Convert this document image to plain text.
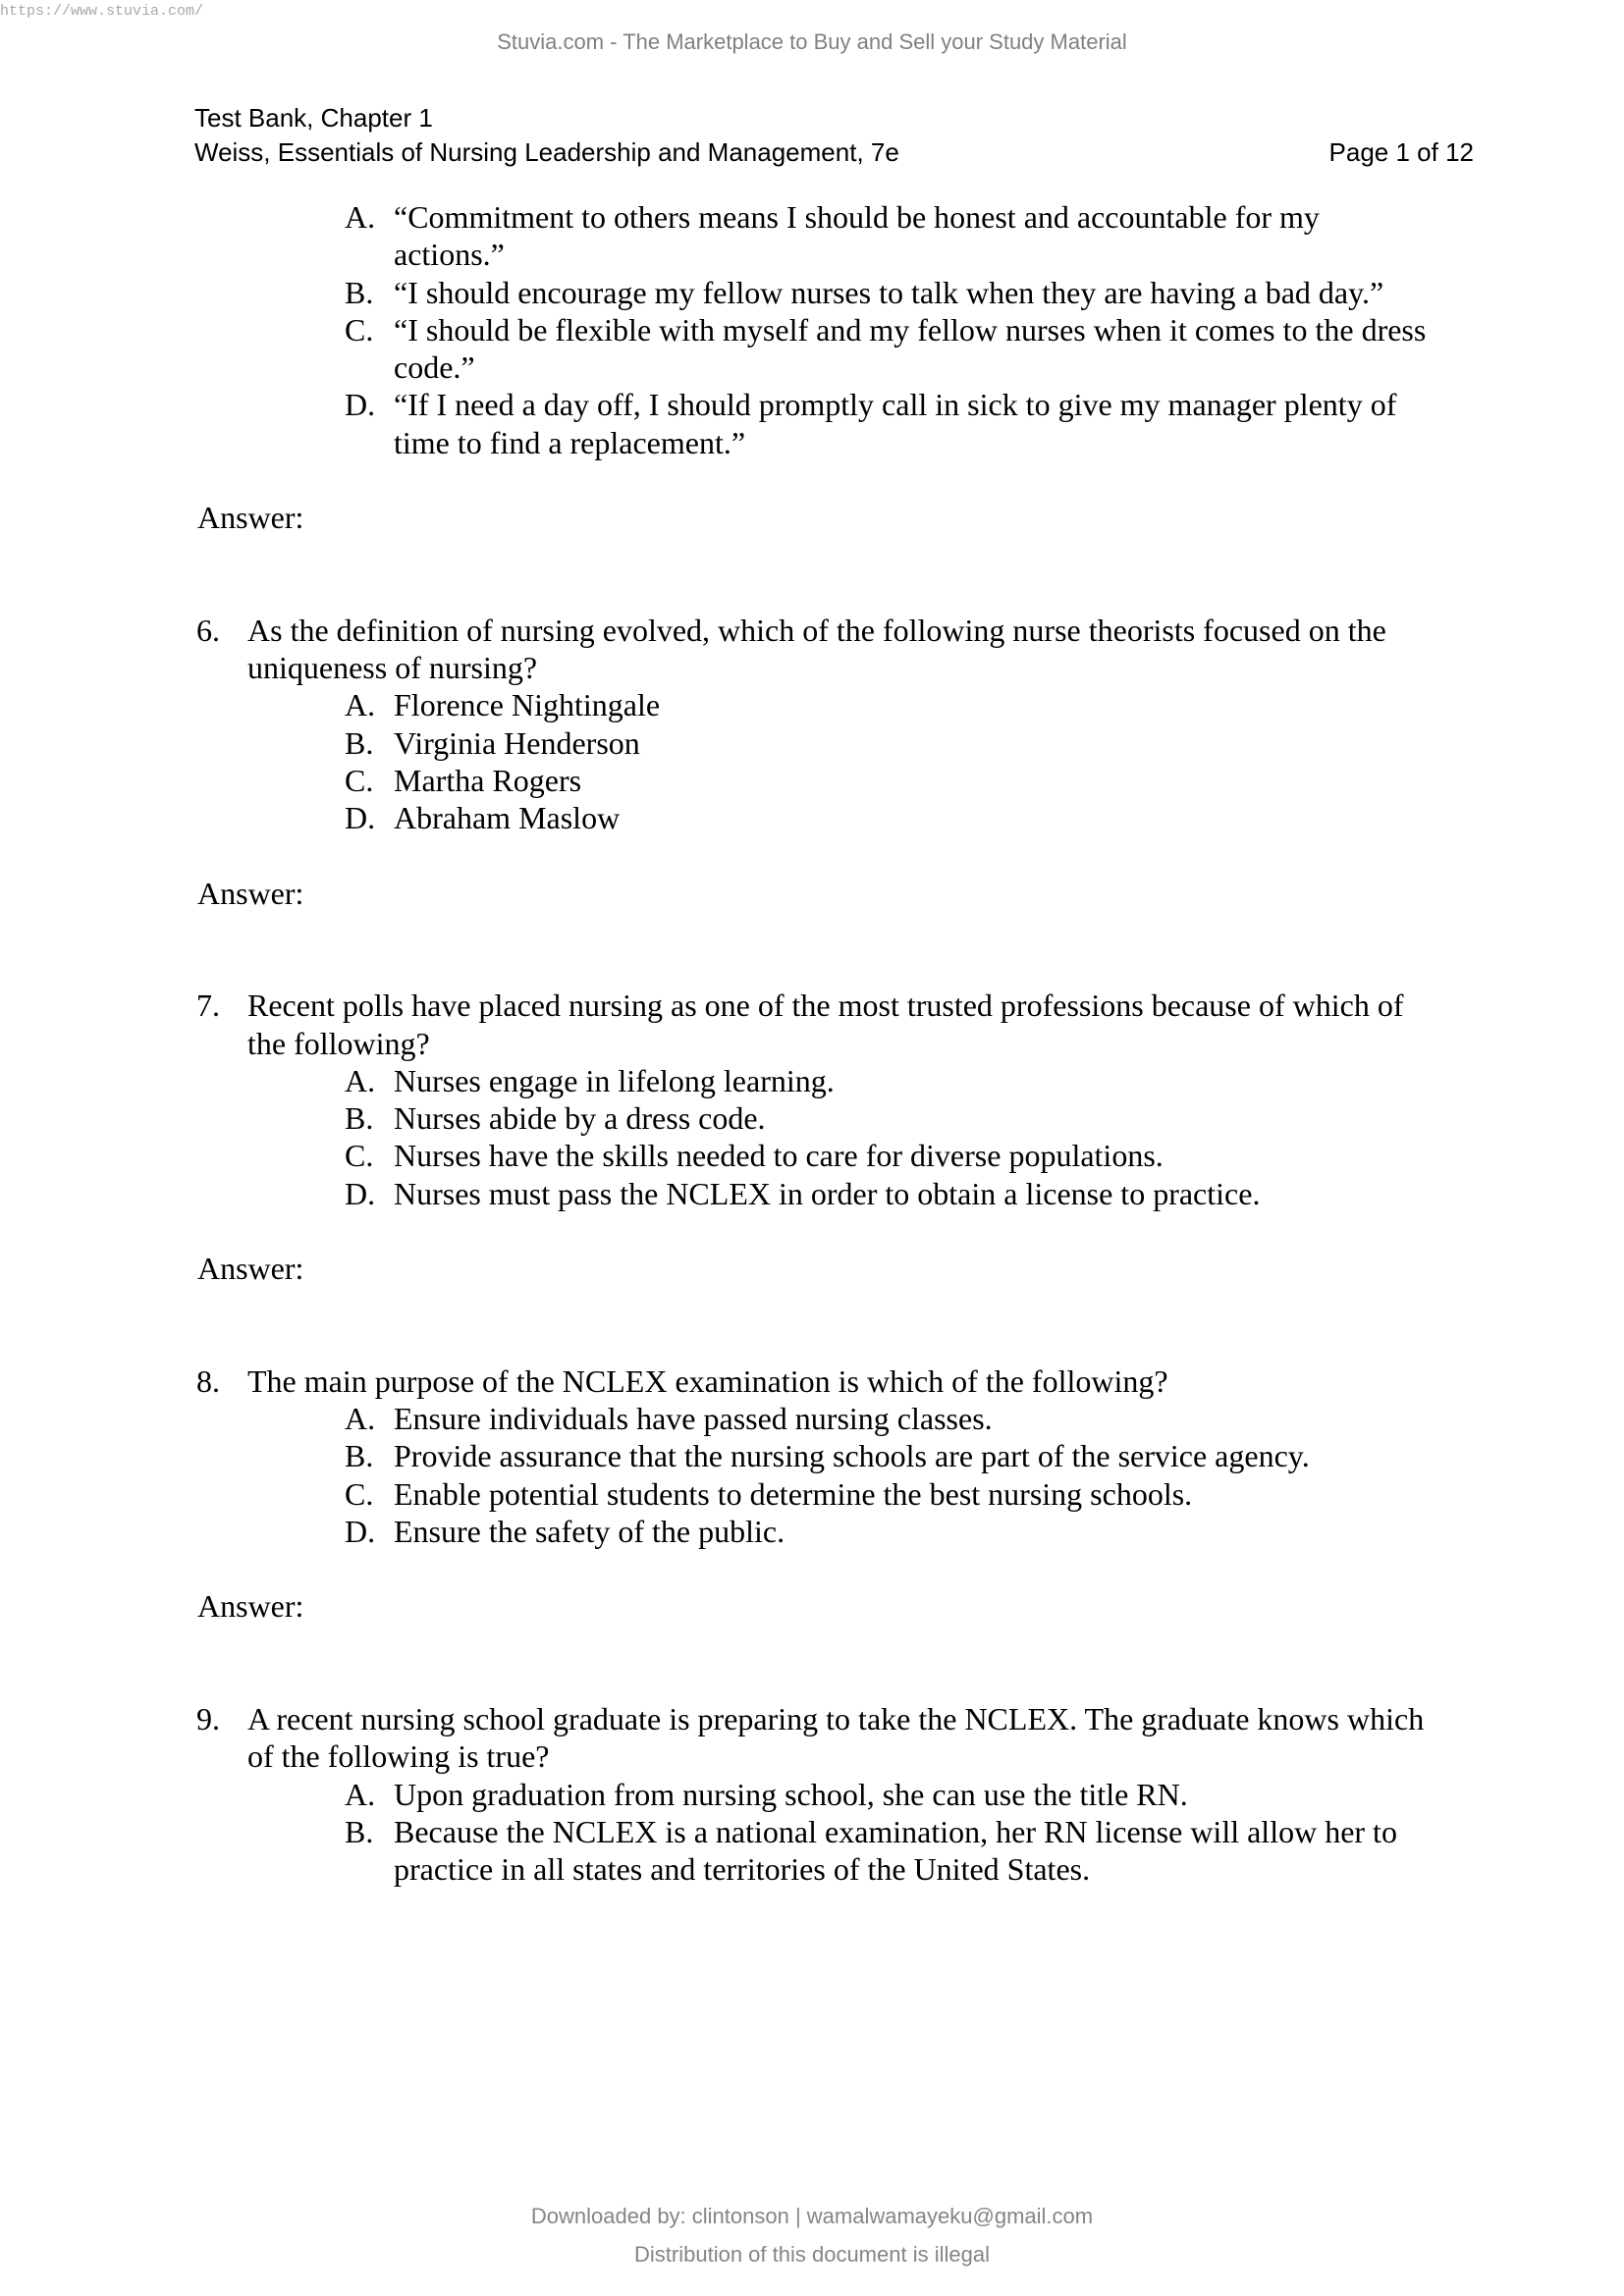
https://www.stuvia.com/
Stuvia.com - The Marketplace to Buy and Sell your Study Material
Test Bank, Chapter 1
Weiss, Essentials of Nursing Leadership and Management, 7e	Page 1 of 12
A. “Commitment to others means I should be honest and accountable for my
actions.”
B. “I should encourage my fellow nurses to talk when they are having a bad day.”
C. “I should be flexible with myself and my fellow nurses when it comes to the dress
code.”
D. “If I need a day off, I should promptly call in sick to give my manager plenty of
time to find a replacement.”
Answer:
6. As the definition of nursing evolved, which of the following nurse theorists focused on the
uniqueness of nursing?
A. Florence Nightingale
B. Virginia Henderson
C. Martha Rogers
D. Abraham Maslow
Answer:
7. Recent polls have placed nursing as one of the most trusted professions because of which of
the following?
A. Nurses engage in lifelong learning.
B. Nurses abide by a dress code.
C. Nurses have the skills needed to care for diverse populations.
D. Nurses must pass the NCLEX in order to obtain a license to practice.
Answer:
8. The main purpose of the NCLEX examination is which of the following?
A. Ensure individuals have passed nursing classes.
B. Provide assurance that the nursing schools are part of the service agency.
C. Enable potential students to determine the best nursing schools.
D. Ensure the safety of the public.
Answer:
9. A recent nursing school graduate is preparing to take the NCLEX. The graduate knows which
of the following is true?
A. Upon graduation from nursing school, she can use the title RN.
B. Because the NCLEX is a national examination, her RN license will allow her to
practice in all states and territories of the United States.
Downloaded by: clintonson | wamalwamayeku@gmail.com
Distribution of this document is illegal
